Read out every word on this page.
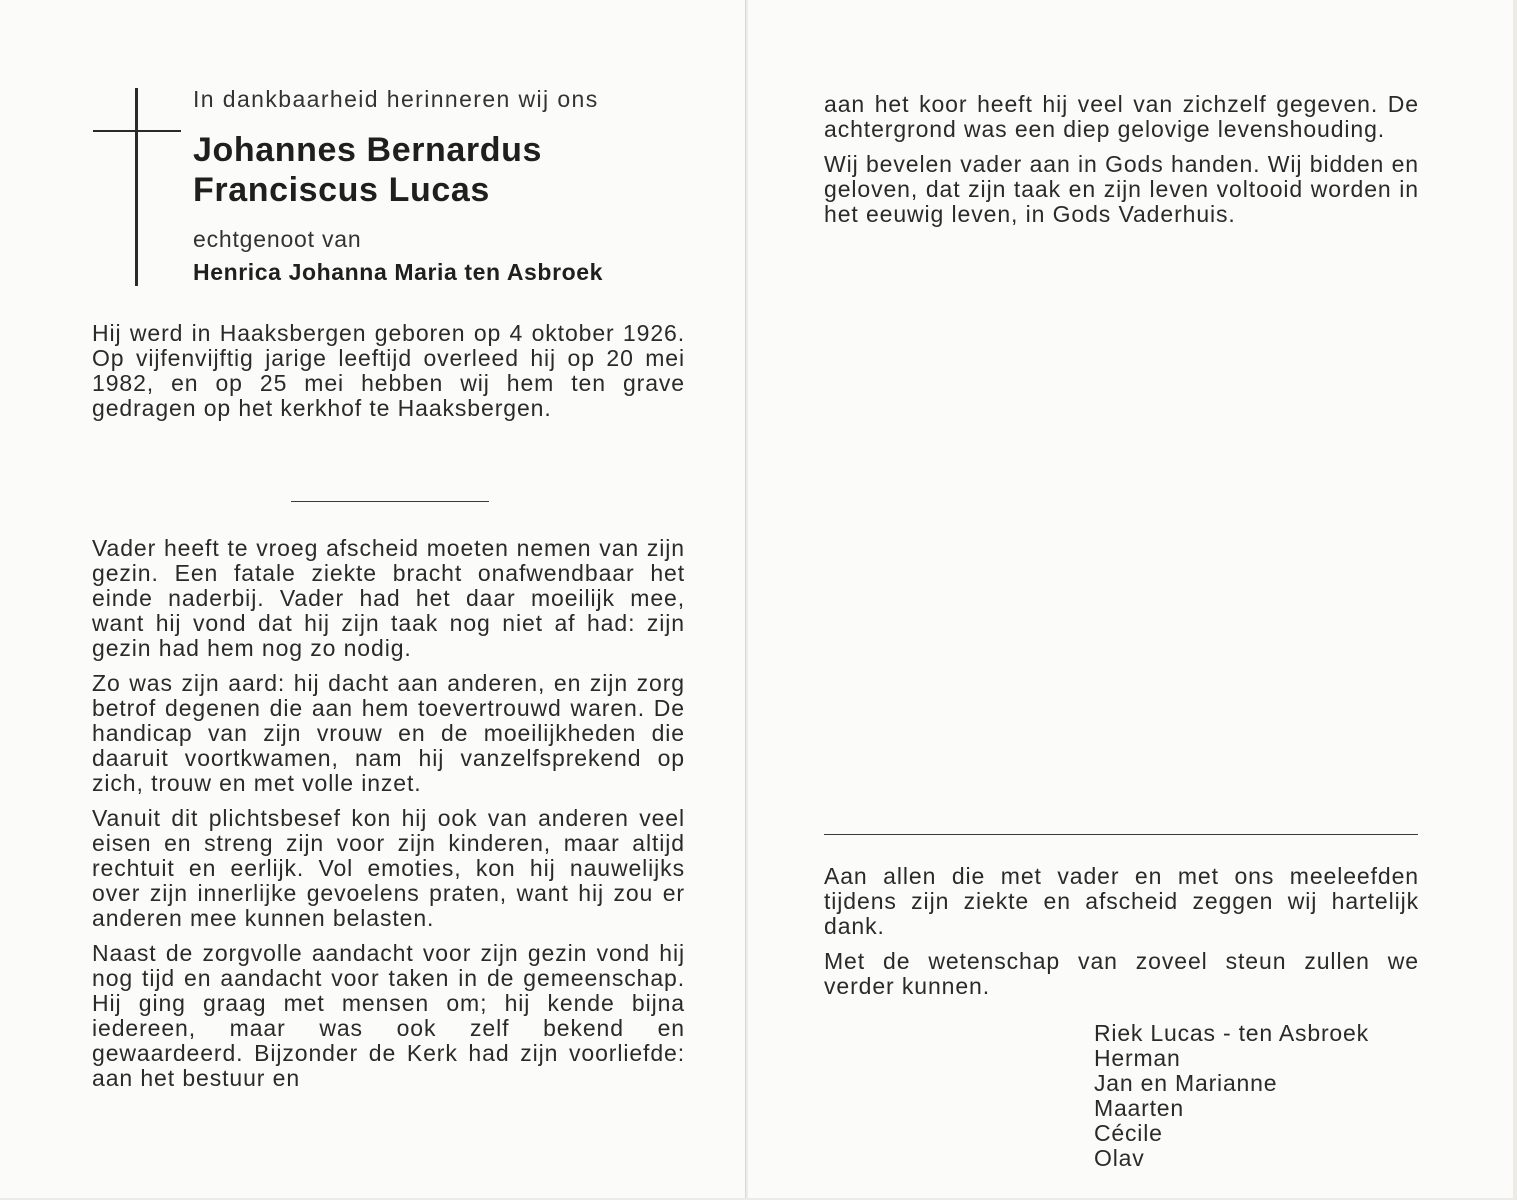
In dankbaarheid herinneren wij ons
Johannes Bernardus
Franciscus Lucas
echtgenoot van
Henrica Johanna Maria ten Asbroek

Hij werd in Haaksbergen geboren op 4 oktober 1926. Op vijfenvijftig jarige leeftijd overleed hij op 20 mei 1982, en op 25 mei hebben wij hem ten grave gedragen op het kerkhof te Haaksbergen.

Vader heeft te vroeg afscheid moeten nemen van zijn gezin. Een fatale ziekte bracht onafwendbaar het einde naderbij. Vader had het daar moeilijk mee, want hij vond dat hij zijn taak nog niet af had: zijn gezin had hem nog zo nodig.

Zo was zijn aard: hij dacht aan anderen, en zijn zorg betrof degenen die aan hem toevertrouwd waren. De handicap van zijn vrouw en de moeilijkheden die daaruit voortkwamen, nam hij vanzelfsprekend op zich, trouw en met volle inzet.

Vanuit dit plichtsbesef kon hij ook van anderen veel eisen en streng zijn voor zijn kinderen, maar altijd rechtuit en eerlijk. Vol emoties, kon hij nauwelijks over zijn innerlijke gevoelens praten, want hij zou er anderen mee kunnen belasten.

Naast de zorgvolle aandacht voor zijn gezin vond hij nog tijd en aandacht voor taken in de gemeenschap. Hij ging graag met mensen om; hij kende bijna iedereen, maar was ook zelf bekend en gewaardeerd. Bijzonder de Kerk had zijn voorliefde: aan het bestuur en

aan het koor heeft hij veel van zichzelf gegeven. De achtergrond was een diep gelovige levenshouding.

Wij bevelen vader aan in Gods handen. Wij bidden en geloven, dat zijn taak en zijn leven voltooid worden in het eeuwig leven, in Gods Vaderhuis.

Aan allen die met vader en met ons meeleefden tijdens zijn ziekte en afscheid zeggen wij hartelijk dank.

Met de wetenschap van zoveel steun zullen we verder kunnen.

Riek Lucas - ten Asbroek
Herman
Jan en Marianne
Maarten
Cécile
Olav
